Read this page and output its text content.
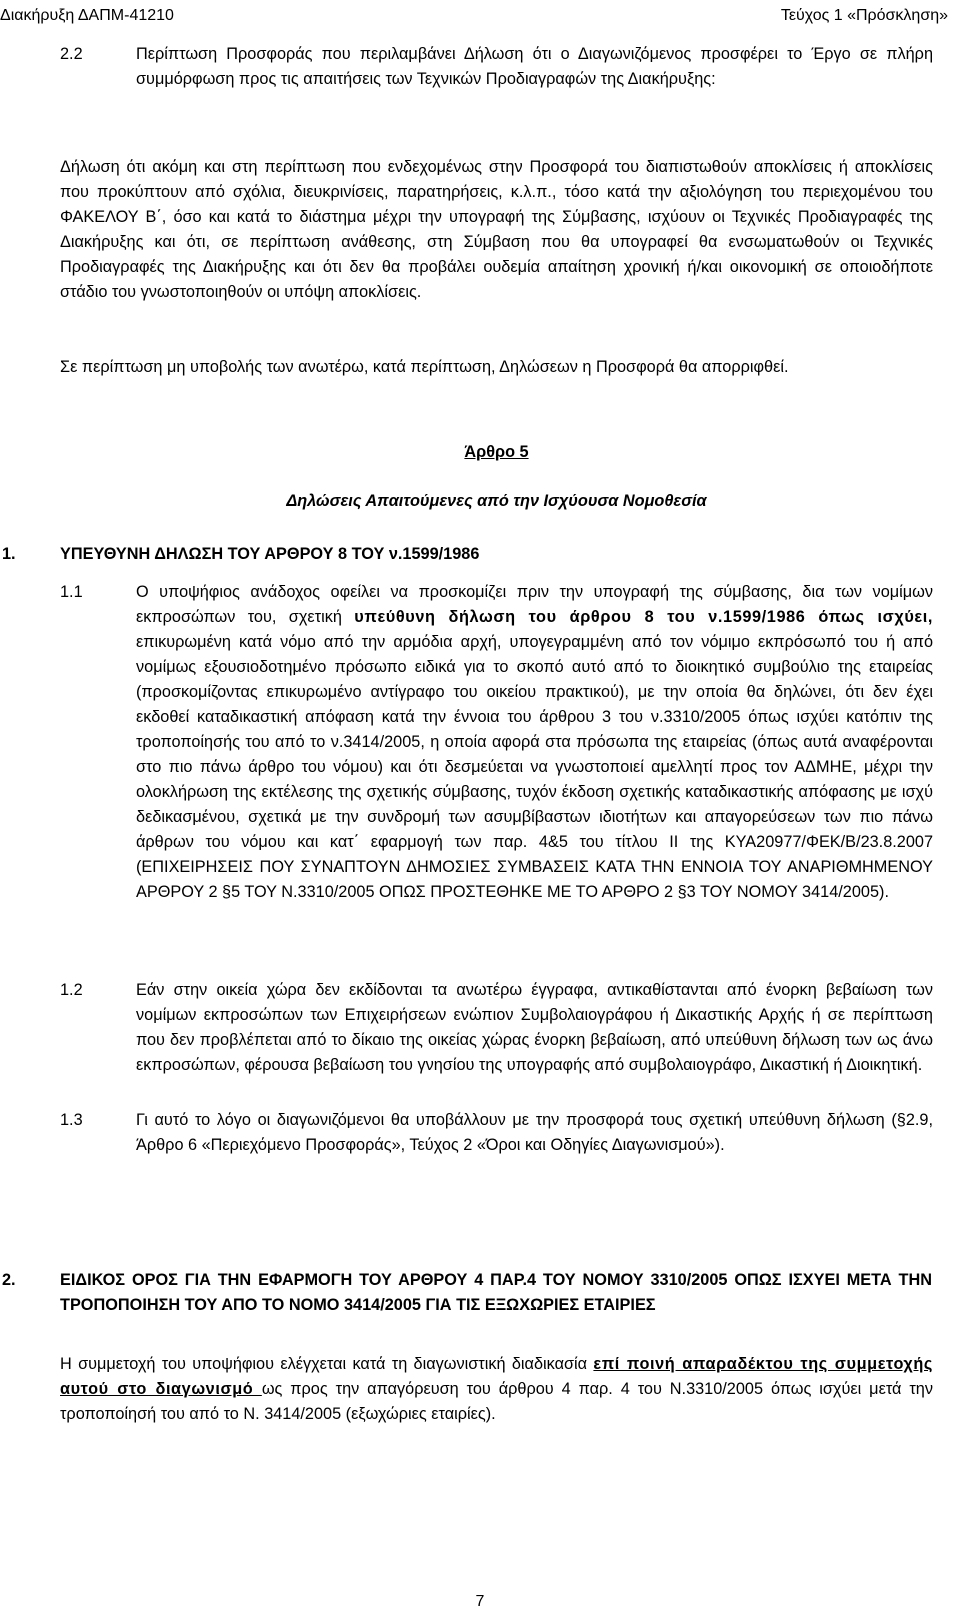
Διακήρυξη ΔΑΠΜ-41210	Τεύχος 1 «Πρόσκληση»
2.2	Περίπτωση Προσφοράς που περιλαμβάνει Δήλωση ότι ο Διαγωνιζόμενος προσφέρει το Έργο σε πλήρη συμμόρφωση προς τις απαιτήσεις των Τεχνικών Προδιαγραφών της Διακήρυξης:
Δήλωση ότι ακόμη και στη περίπτωση που ενδεχομένως στην Προσφορά του διαπιστωθούν αποκλίσεις ή αποκλίσεις που προκύπτουν από σχόλια, διευκρινίσεις, παρατηρήσεις, κ.λ.π., τόσο κατά την αξιολόγηση του περιεχομένου του ΦΑΚΕΛΟΥ Β΄, όσο και κατά το διάστημα μέχρι την υπογραφή της Σύμβασης, ισχύουν οι Τεχνικές Προδιαγραφές της Διακήρυξης και ότι, σε περίπτωση ανάθεσης, στη Σύμβαση που θα υπογραφεί θα ενσωματωθούν οι Τεχνικές Προδιαγραφές της Διακήρυξης και ότι δεν θα προβάλει ουδεμία απαίτηση χρονική ή/και οικονομική σε οποιοδήποτε στάδιο του γνωστοποιηθούν οι υπόψη αποκλίσεις.
Σε περίπτωση μη υποβολής των ανωτέρω, κατά περίπτωση, Δηλώσεων η Προσφορά θα απορριφθεί.
Άρθρο 5
Δηλώσεις Απαιτούμενες από την Ισχύουσα Νομοθεσία
1.	ΥΠΕΥΘΥΝΗ ΔΗΛΩΣΗ ΤΟΥ ΑΡΘΡΟΥ 8 ΤΟΥ ν.1599/1986
1.1	Ο υποψήφιος ανάδοχος οφείλει να προσκομίζει πριν την υπογραφή της σύμβασης, δια των νομίμων εκπροσώπων του, σχετική υπεύθυνη δήλωση του άρθρου 8 του ν.1599/1986 όπως ισχύει, επικυρωμένη κατά νόμο από την αρμόδια αρχή, υπογεγραμμένη από τον νόμιμο εκπρόσωπό του ή από νομίμως εξουσιοδοτημένο πρόσωπο ειδικά για το σκοπό αυτό από το διοικητικό συμβούλιο της εταιρείας (προσκομίζοντας επικυρωμένο αντίγραφο του οικείου πρακτικού), με την οποία θα δηλώνει, ότι δεν έχει εκδοθεί καταδικαστική απόφαση κατά την έννοια του άρθρου 3 του ν.3310/2005 όπως ισχύει κατόπιν της τροποποίησής του από το ν.3414/2005, η οποία αφορά στα πρόσωπα της εταιρείας (όπως αυτά αναφέρονται στο πιο πάνω άρθρο του νόμου) και ότι δεσμεύεται να γνωστοποιεί αμελλητί προς τον ΑΔΜΗΕ, μέχρι την ολοκλήρωση της εκτέλεσης της σχετικής σύμβασης, τυχόν έκδοση σχετικής καταδικαστικής απόφασης με ισχύ δεδικασμένου, σχετικά με την συνδρομή των ασυμβίβαστων ιδιοτήτων και απαγορεύσεων των πιο πάνω άρθρων του νόμου και κατ΄ εφαρμογή των παρ. 4&5 του τίτλου ΙΙ της ΚΥΑ20977/ΦΕΚ/Β/23.8.2007 (ΕΠΙΧΕΙΡΗΣΕΙΣ ΠΟΥ ΣΥΝΑΠΤΟΥΝ ΔΗΜΟΣΙΕΣ ΣΥΜΒΑΣΕΙΣ ΚΑΤΑ ΤΗΝ ΕΝΝΟΙΑ ΤΟΥ ΑΝΑΡΙΘΜΗΜΕΝΟΥ ΑΡΘΡΟΥ 2 §5 ΤΟΥ Ν.3310/2005 ΟΠΩΣ ΠΡΟΣΤΕΘΗΚΕ ΜΕ ΤΟ ΑΡΘΡΟ 2 §3 ΤΟΥ ΝΟΜΟΥ 3414/2005).
1.2	Εάν στην οικεία χώρα δεν εκδίδονται τα ανωτέρω έγγραφα, αντικαθίστανται από ένορκη βεβαίωση των νομίμων εκπροσώπων των Επιχειρήσεων ενώπιον Συμβολαιογράφου ή Δικαστικής Αρχής ή σε περίπτωση που δεν προβλέπεται από το δίκαιο της οικείας χώρας ένορκη βεβαίωση, από υπεύθυνη δήλωση των ως άνω εκπροσώπων, φέρουσα βεβαίωση του γνησίου της υπογραφής από συμβολαιογράφο, Δικαστική ή Διοικητική.
1.3	Γι αυτό το λόγο οι διαγωνιζόμενοι θα υποβάλλουν με την προσφορά τους σχετική υπεύθυνη δήλωση (§2.9, Άρθρο 6 «Περιεχόμενο Προσφοράς», Τεύχος 2 «Όροι και Οδηγίες Διαγωνισμού»).
2.	ΕΙΔΙΚΟΣ ΟΡΟΣ ΓΙΑ ΤΗΝ ΕΦΑΡΜΟΓΗ ΤΟΥ ΑΡΘΡΟΥ 4 ΠΑΡ.4 ΤΟΥ ΝΟΜΟΥ 3310/2005 ΟΠΩΣ ΙΣΧΥΕΙ ΜΕΤΑ ΤΗΝ ΤΡΟΠΟΠΟΙΗΣΗ ΤΟΥ ΑΠΟ ΤΟ ΝΟΜΟ 3414/2005 ΓΙΑ ΤΙΣ ΕΞΩΧΩΡΙΕΣ ΕΤΑΙΡΙΕΣ
Η συμμετοχή του υποψήφιου ελέγχεται κατά τη διαγωνιστική διαδικασία επί ποινή απαραδέκτου της συμμετοχής αυτού στο διαγωνισμό ως προς την απαγόρευση του άρθρου 4 παρ. 4 του Ν.3310/2005 όπως ισχύει μετά την τροποποίησή του από το Ν. 3414/2005 (εξωχώριες εταιρίες).
7
